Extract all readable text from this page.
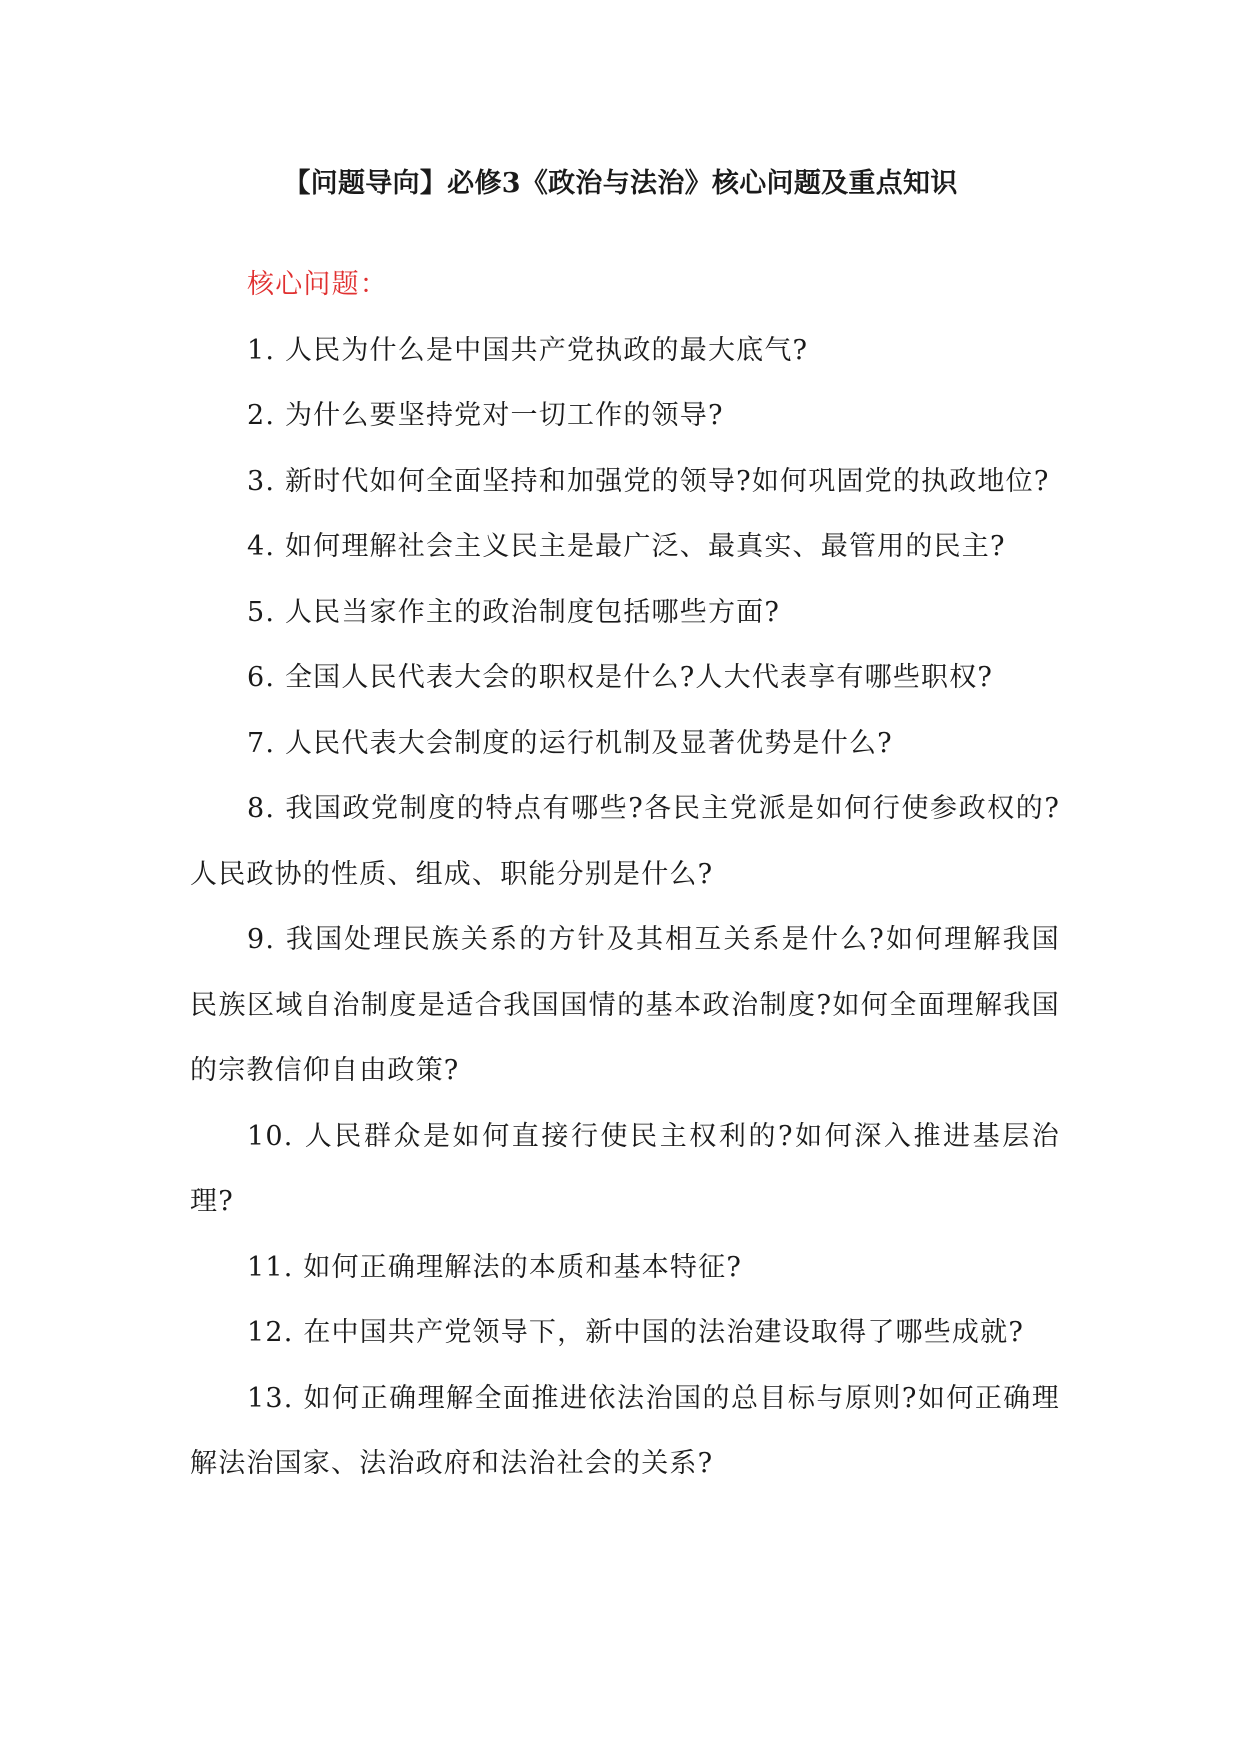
【问题导向】必修3《政治与法治》核心问题及重点知识

核心问题：

1. 人民为什么是中国共产党执政的最大底气?

2. 为什么要坚持党对一切工作的领导?

3. 新时代如何全面坚持和加强党的领导?如何巩固党的执政地位?

4. 如何理解社会主义民主是最广泛、最真实、最管用的民主?

5. 人民当家作主的政治制度包括哪些方面?

6. 全国人民代表大会的职权是什么?人大代表享有哪些职权?

7. 人民代表大会制度的运行机制及显著优势是什么?

8. 我国政党制度的特点有哪些?各民主党派是如何行使参政权的?人民政协的性质、组成、职能分别是什么?

9. 我国处理民族关系的方针及其相互关系是什么?如何理解我国民族区域自治制度是适合我国国情的基本政治制度?如何全面理解我国的宗教信仰自由政策?

10. 人民群众是如何直接行使民主权利的?如何深入推进基层治理?

11. 如何正确理解法的本质和基本特征?

12. 在中国共产党领导下，新中国的法治建设取得了哪些成就?

13. 如何正确理解全面推进依法治国的总目标与原则?如何正确理解法治国家、法治政府和法治社会的关系?
